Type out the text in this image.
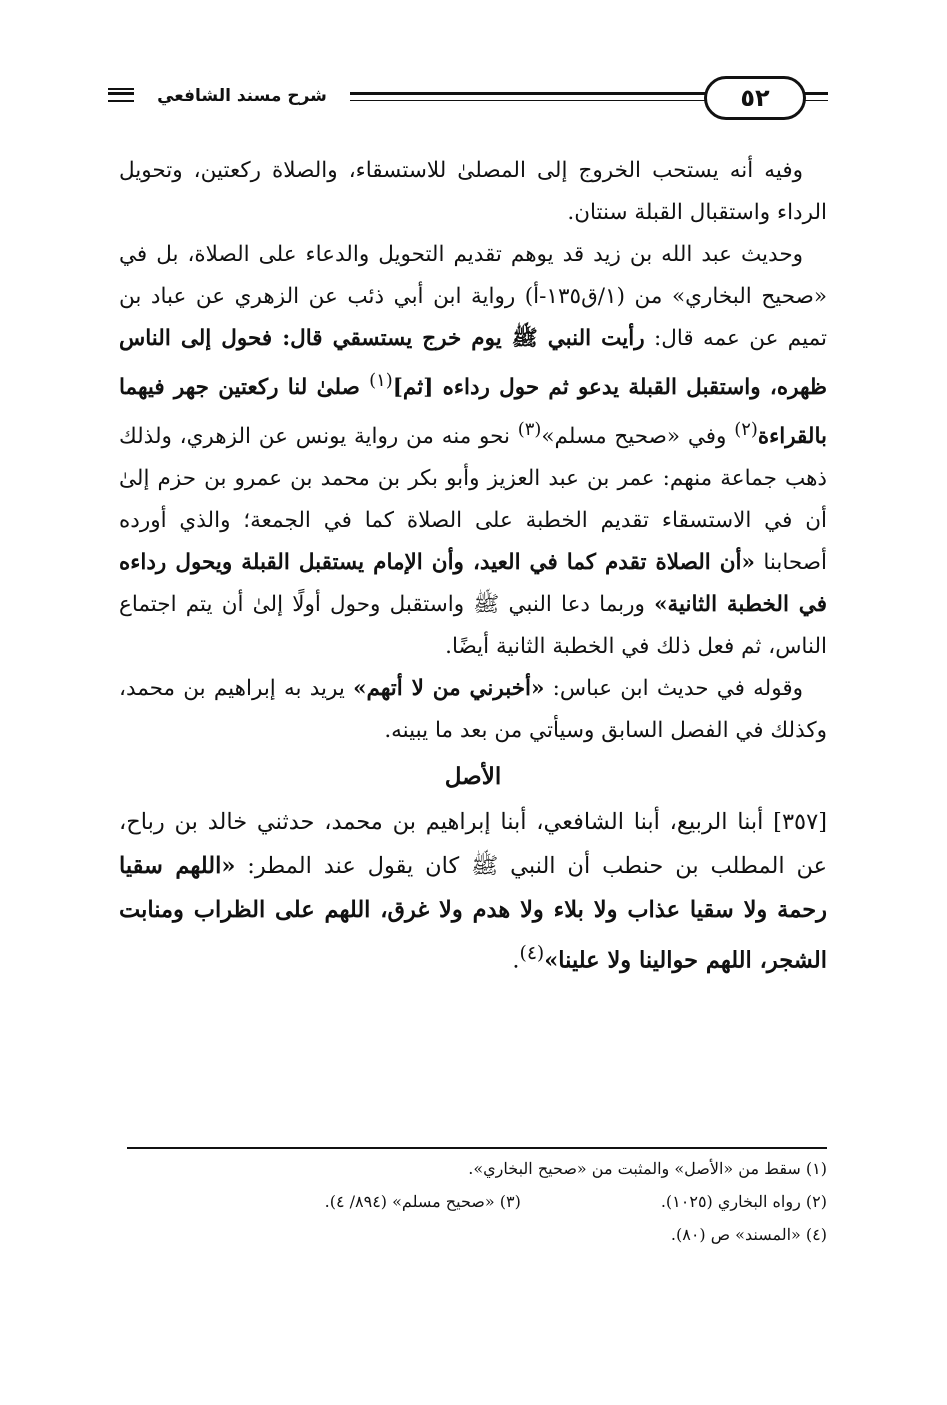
شرح مسند الشافعي	٥٢

وفيه أنه يستحب الخروج إلى المصلىٰ للاستسقاء، والصلاة ركعتين، وتحويل الرداء واستقبال القبلة سنتان.

وحديث عبد الله بن زيد قد يوهم تقديم التحويل والدعاء على الصلاة، بل في «صحيح البخاري» من (١/ق١٣٥-أ) رواية ابن أبي ذئب عن الزهري عن عباد بن تميم عن عمه قال: رأيت النبي ﷺ يوم خرج يستسقي قال: فحول إلى الناس ظهره، واستقبل القبلة يدعو ثم حول رداءه [ثم]$^{(١)}$ صلىٰ لنا ركعتين جهر فيهما بالقراءة$^{(٢)}$ وفي «صحيح مسلم»$^{(٣)}$ نحو منه من رواية يونس عن الزهري، ولذلك ذهب جماعة منهم: عمر بن عبد العزيز وأبو بكر بن محمد بن عمرو بن حزم إلىٰ أن في الاستسقاء تقديم الخطبة على الصلاة كما في الجمعة؛ والذي أورده أصحابنا «أن الصلاة تقدم كما في العيد، وأن الإمام يستقبل القبلة ويحول رداءه في الخطبة الثانية» وربما دعا النبي ﷺ واستقبل وحول أولًا إلىٰ أن يتم اجتماع الناس، ثم فعل ذلك في الخطبة الثانية أيضًا.

وقوله في حديث ابن عباس: «أخبرني من لا أتهم» يريد به إبراهيم بن محمد، وكذلك في الفصل السابق وسيأتي من بعد ما يبينه.

الأصل

[٣٥٧] أبنا الربيع، أبنا الشافعي، أبنا إبراهيم بن محمد، حدثني خالد بن رباح، عن المطلب بن حنطب أن النبي ﷺ كان يقول عند المطر: «اللهم سقيا رحمة ولا سقيا عذاب ولا بلاء ولا هدم ولا غرق، اللهم على الظراب ومنابت الشجر، اللهم حوالينا ولا علينا»$^{(٤)}$.

(١) سقط من «الأصل» والمثبت من «صحيح البخاري».
(٢) رواه البخاري (١٠٢٥).
(٣) «صحيح مسلم» (٨٩٤/ ٤).
(٤) «المسند» ص (٨٠).
